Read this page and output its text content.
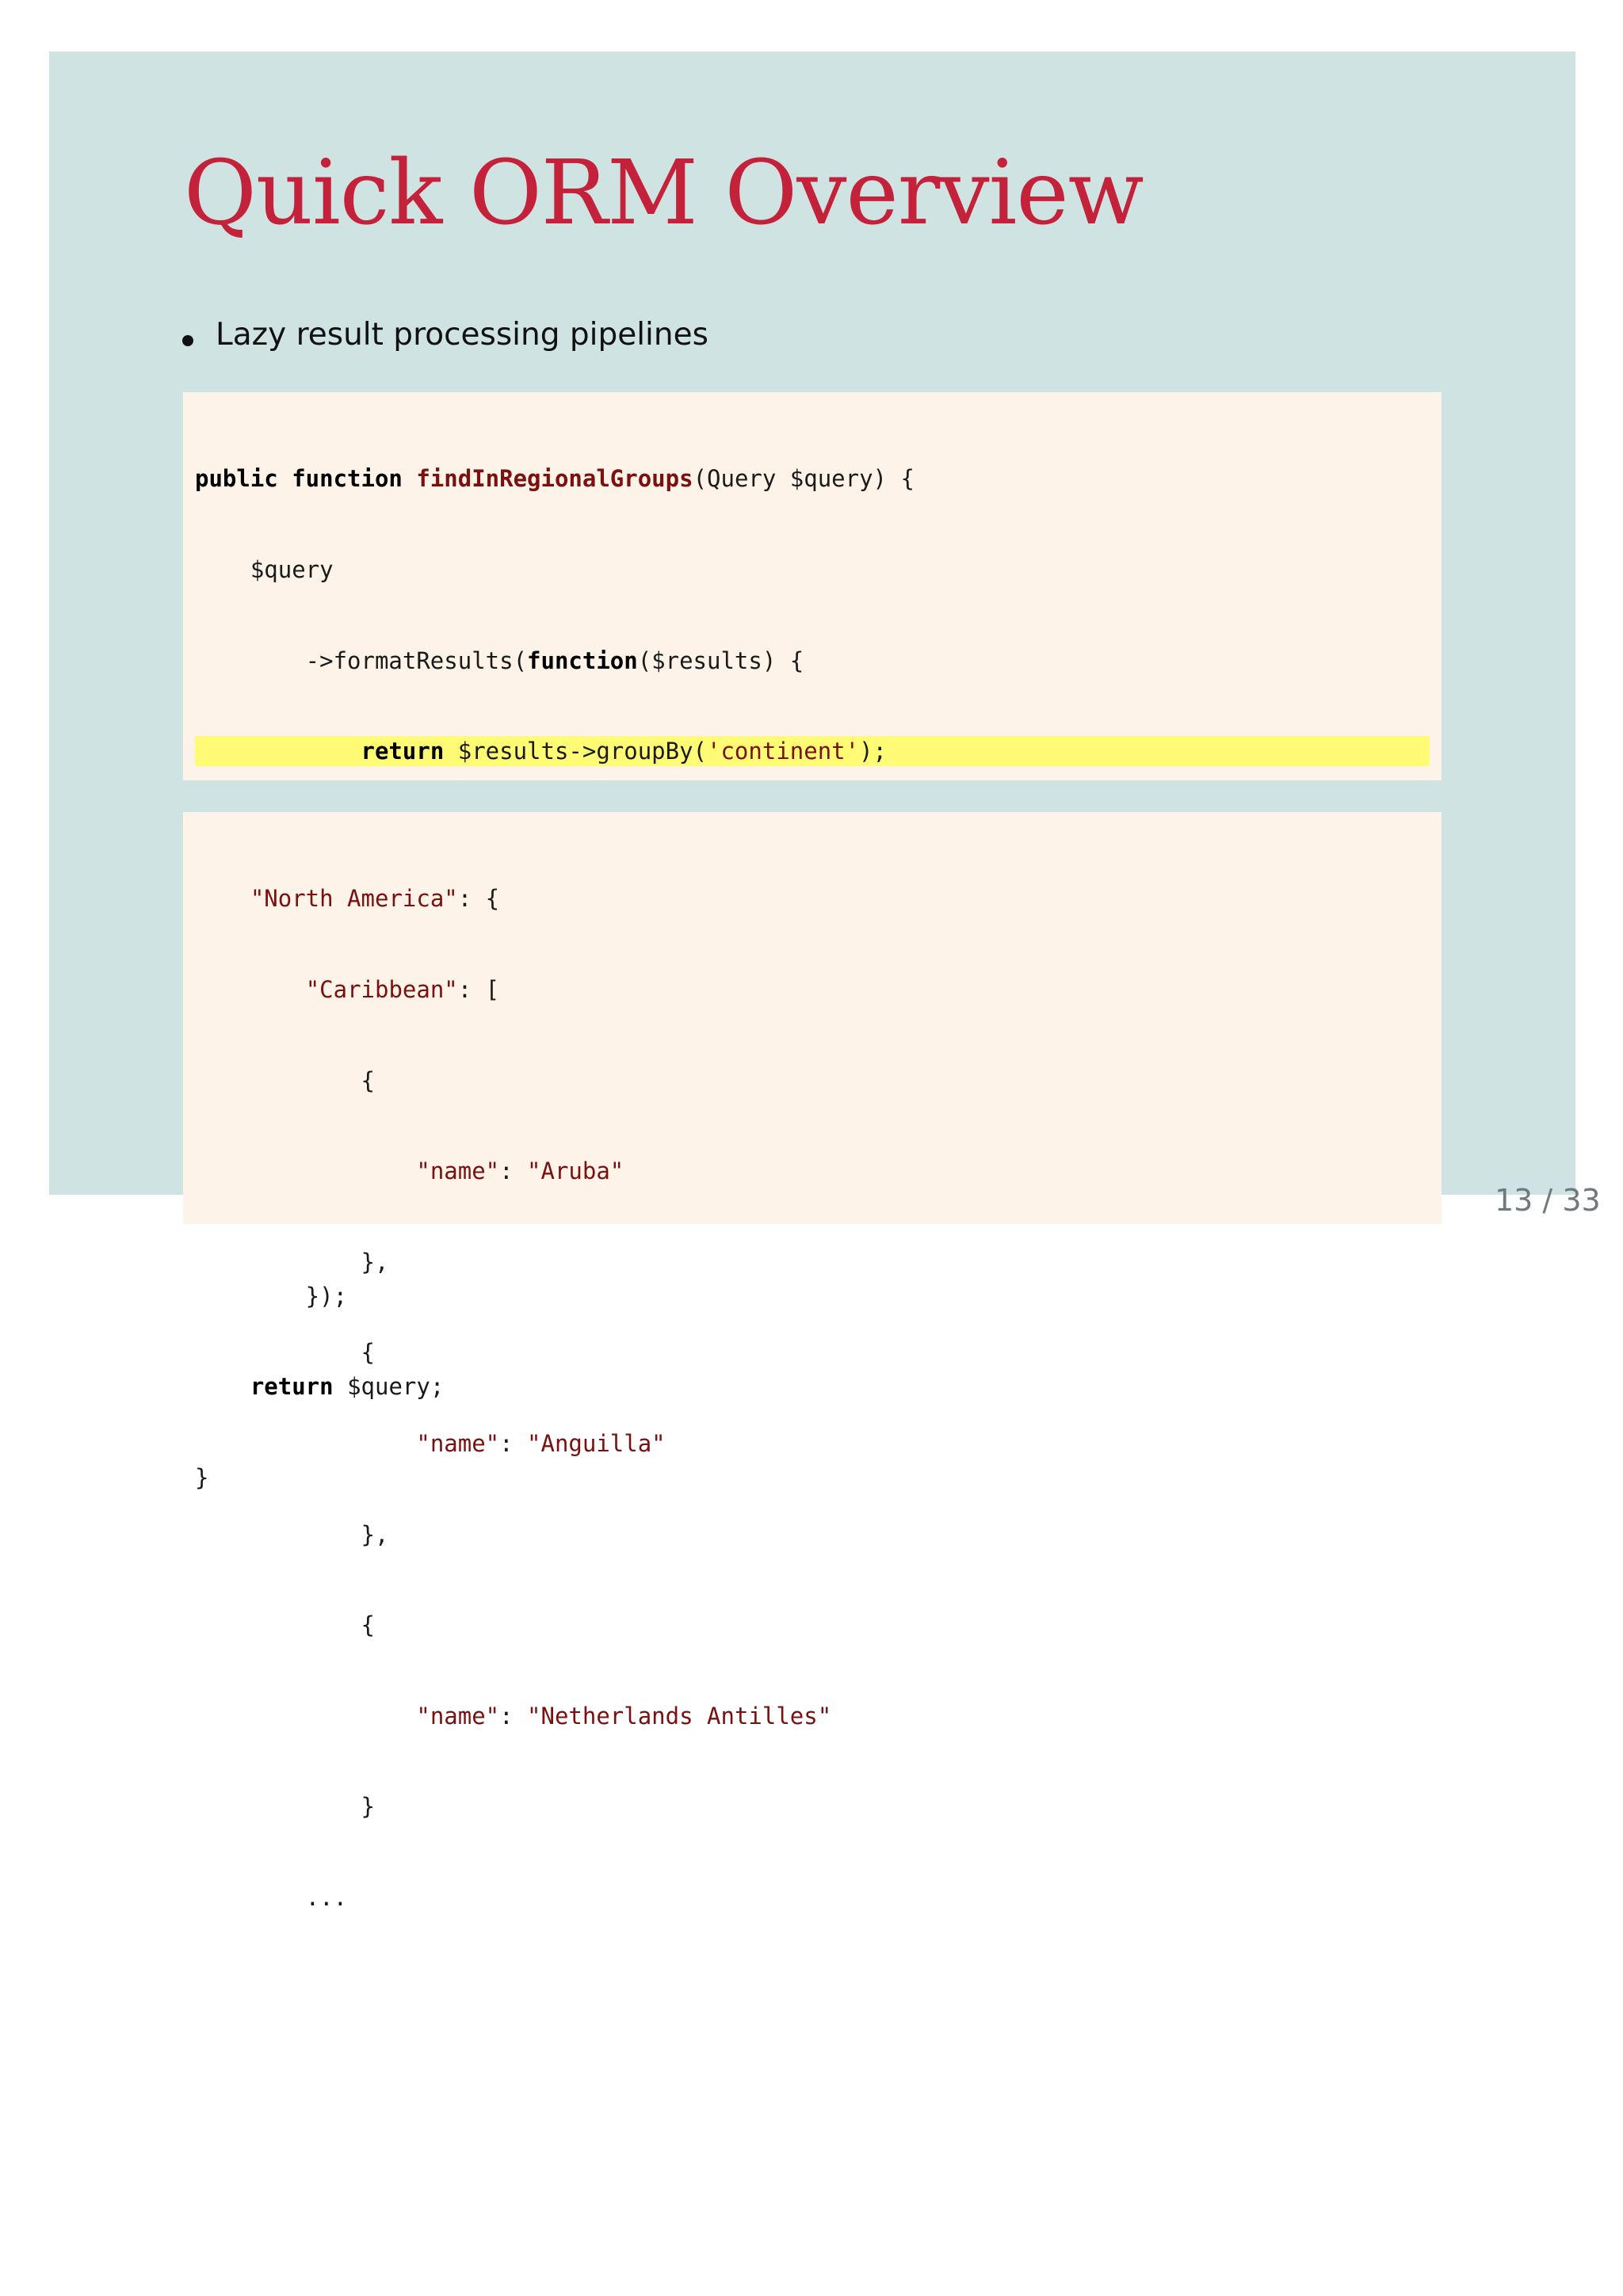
Quick ORM Overview
Lazy result processing pipelines

public function findInRegionalGroups(Query $query) {

$query

->formatResults(function($results) {

return $results->groupBy('continent');

});

return $query;

}

"North America": {

"Caribbean": [

{

"name": "Aruba"

},

{

"name": "Anguilla"

},

{

"name": "Netherlands Antilles"

}

...

13 / 33
